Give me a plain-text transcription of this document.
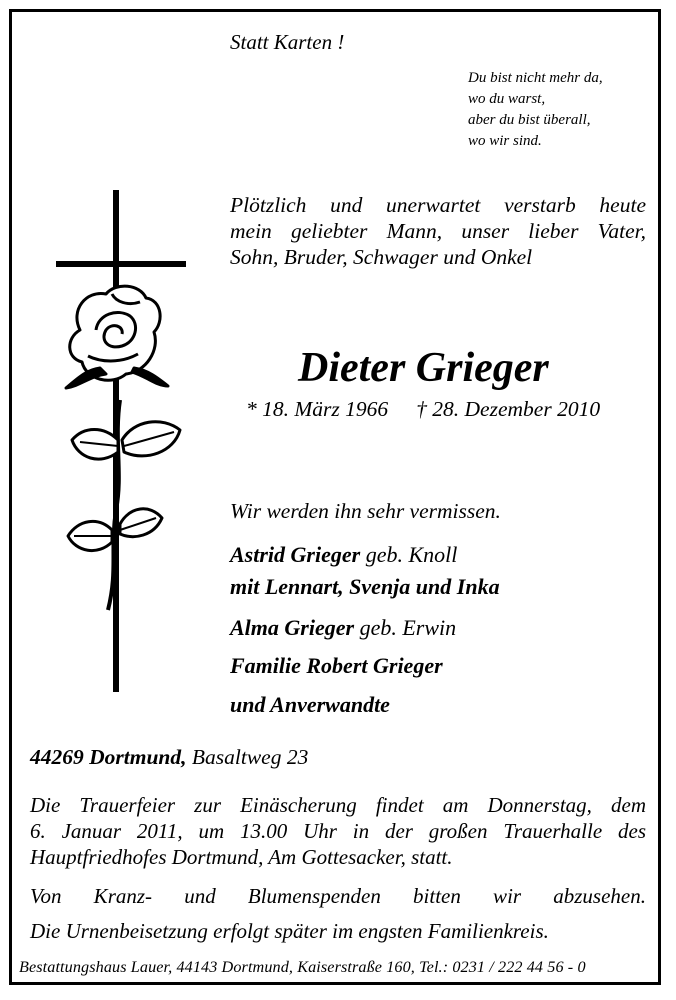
Statt Karten !
Du bist nicht mehr da,
wo du warst,
aber du bist überall,
wo wir sind.
Plötzlich und unerwartet verstarb heute
mein geliebter Mann, unser lieber Vater,
Sohn, Bruder, Schwager und Onkel
Dieter Grieger
* 18. März 1966 † 28. Dezember 2010
Wir werden ihn sehr vermissen.
Astrid Grieger geb. Knoll
mit Lennart, Svenja und Inka
Alma Grieger geb. Erwin
Familie Robert Grieger
und Anverwandte
44269 Dortmund, Basaltweg 23
Die Trauerfeier zur Einäscherung findet am Donnerstag, dem
6. Januar 2011, um 13.00 Uhr in der großen Trauerhalle des
Hauptfriedhofes Dortmund, Am Gottesacker, statt.
Von Kranz- und Blumenspenden bitten wir abzusehen.
Die Urnenbeisetzung erfolgt später im engsten Familienkreis.
Bestattungshaus Lauer, 44143 Dortmund, Kaiserstraße 160, Tel.: 0231 / 222 44 56 - 0
